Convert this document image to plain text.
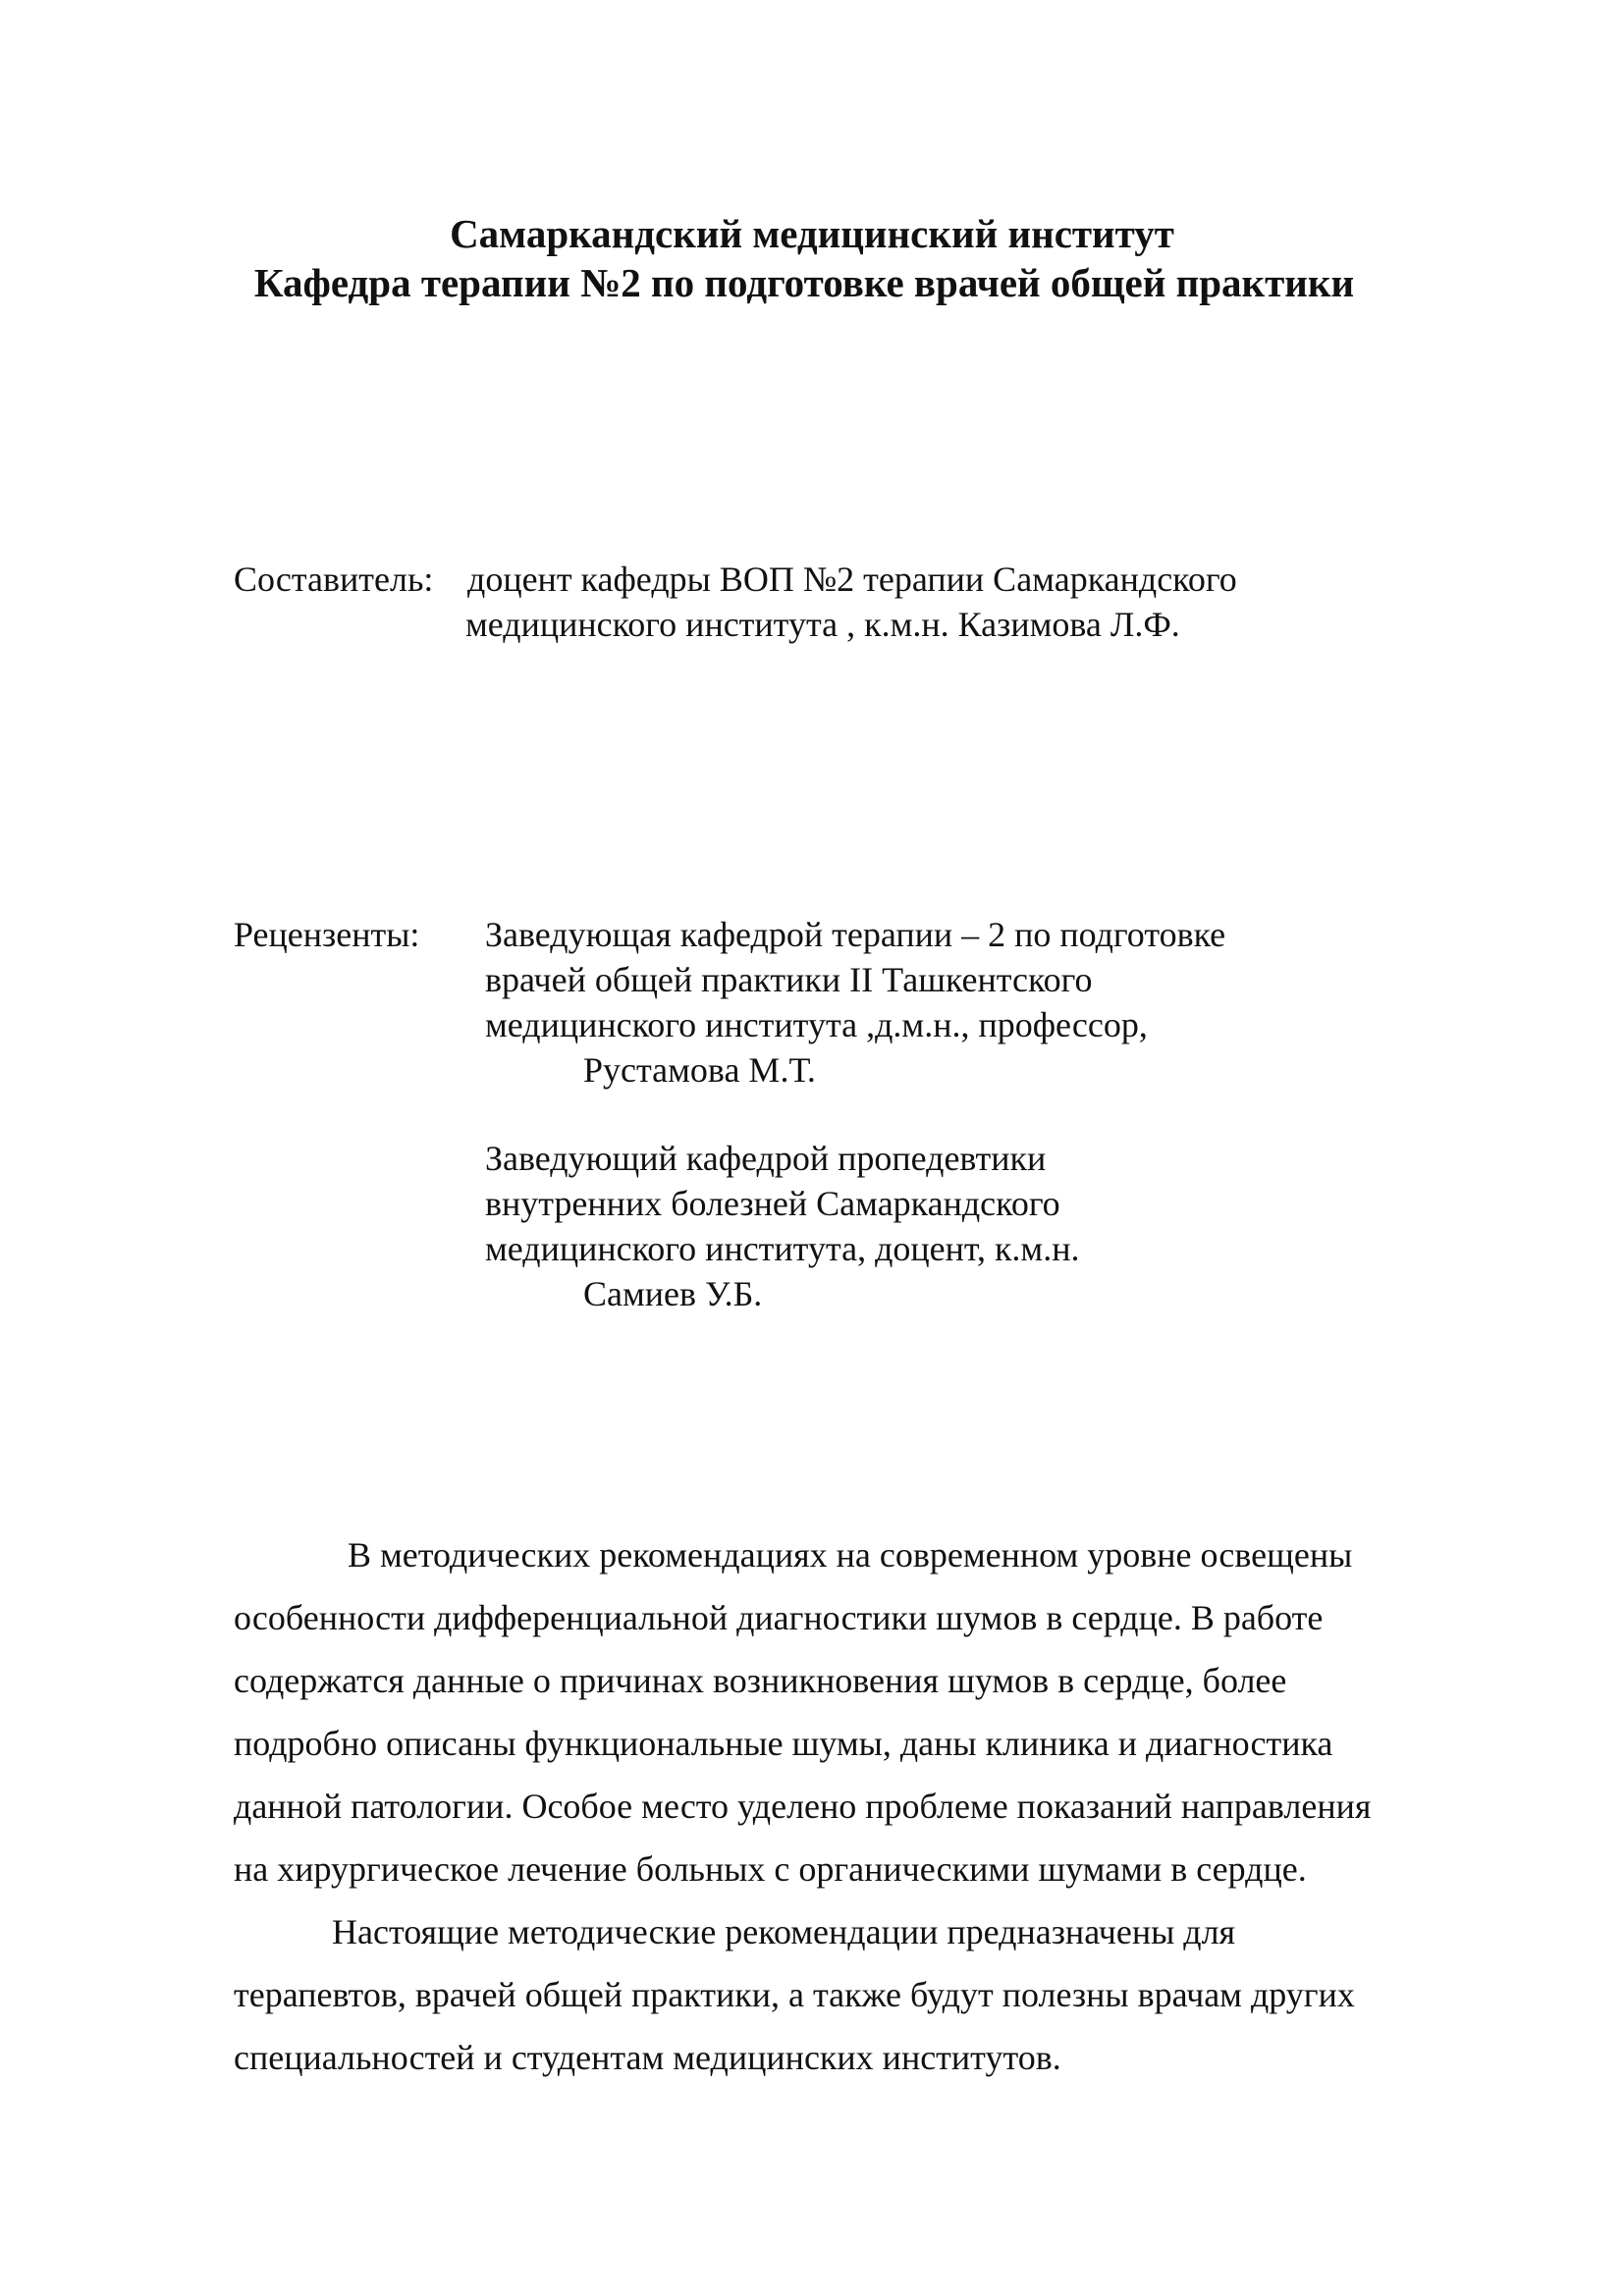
Самаркандский медицинский институт
Кафедра терапии №2 по подготовке врачей общей практики
Составитель: доцент кафедры ВОП №2 терапии Самаркандского
медицинского института , к.м.н. Казимова Л.Ф.
Рецензенты: Заведующая кафедрой терапии – 2 по подготовке
врачей общей практики II Ташкентского
медицинского института ,д.м.н., профессор,
Рустамова М.Т.
Заведующий кафедрой пропедевтики
внутренних болезней Самаркандского
медицинского института, доцент, к.м.н.
Самиев У.Б.
В методических рекомендациях на современном уровне освещены
особенности дифференциальной диагностики шумов в сердце. В работе
содержатся данные о причинах возникновения шумов в сердце, более
подробно описаны функциональные шумы, даны клиника и диагностика
данной патологии. Особое место уделено проблеме показаний направления
на хирургическое лечение больных с органическими шумами в сердце.
Настоящие методические рекомендации предназначены для
терапевтов, врачей общей практики, а также будут полезны врачам других
специальностей и студентам медицинских институтов.
